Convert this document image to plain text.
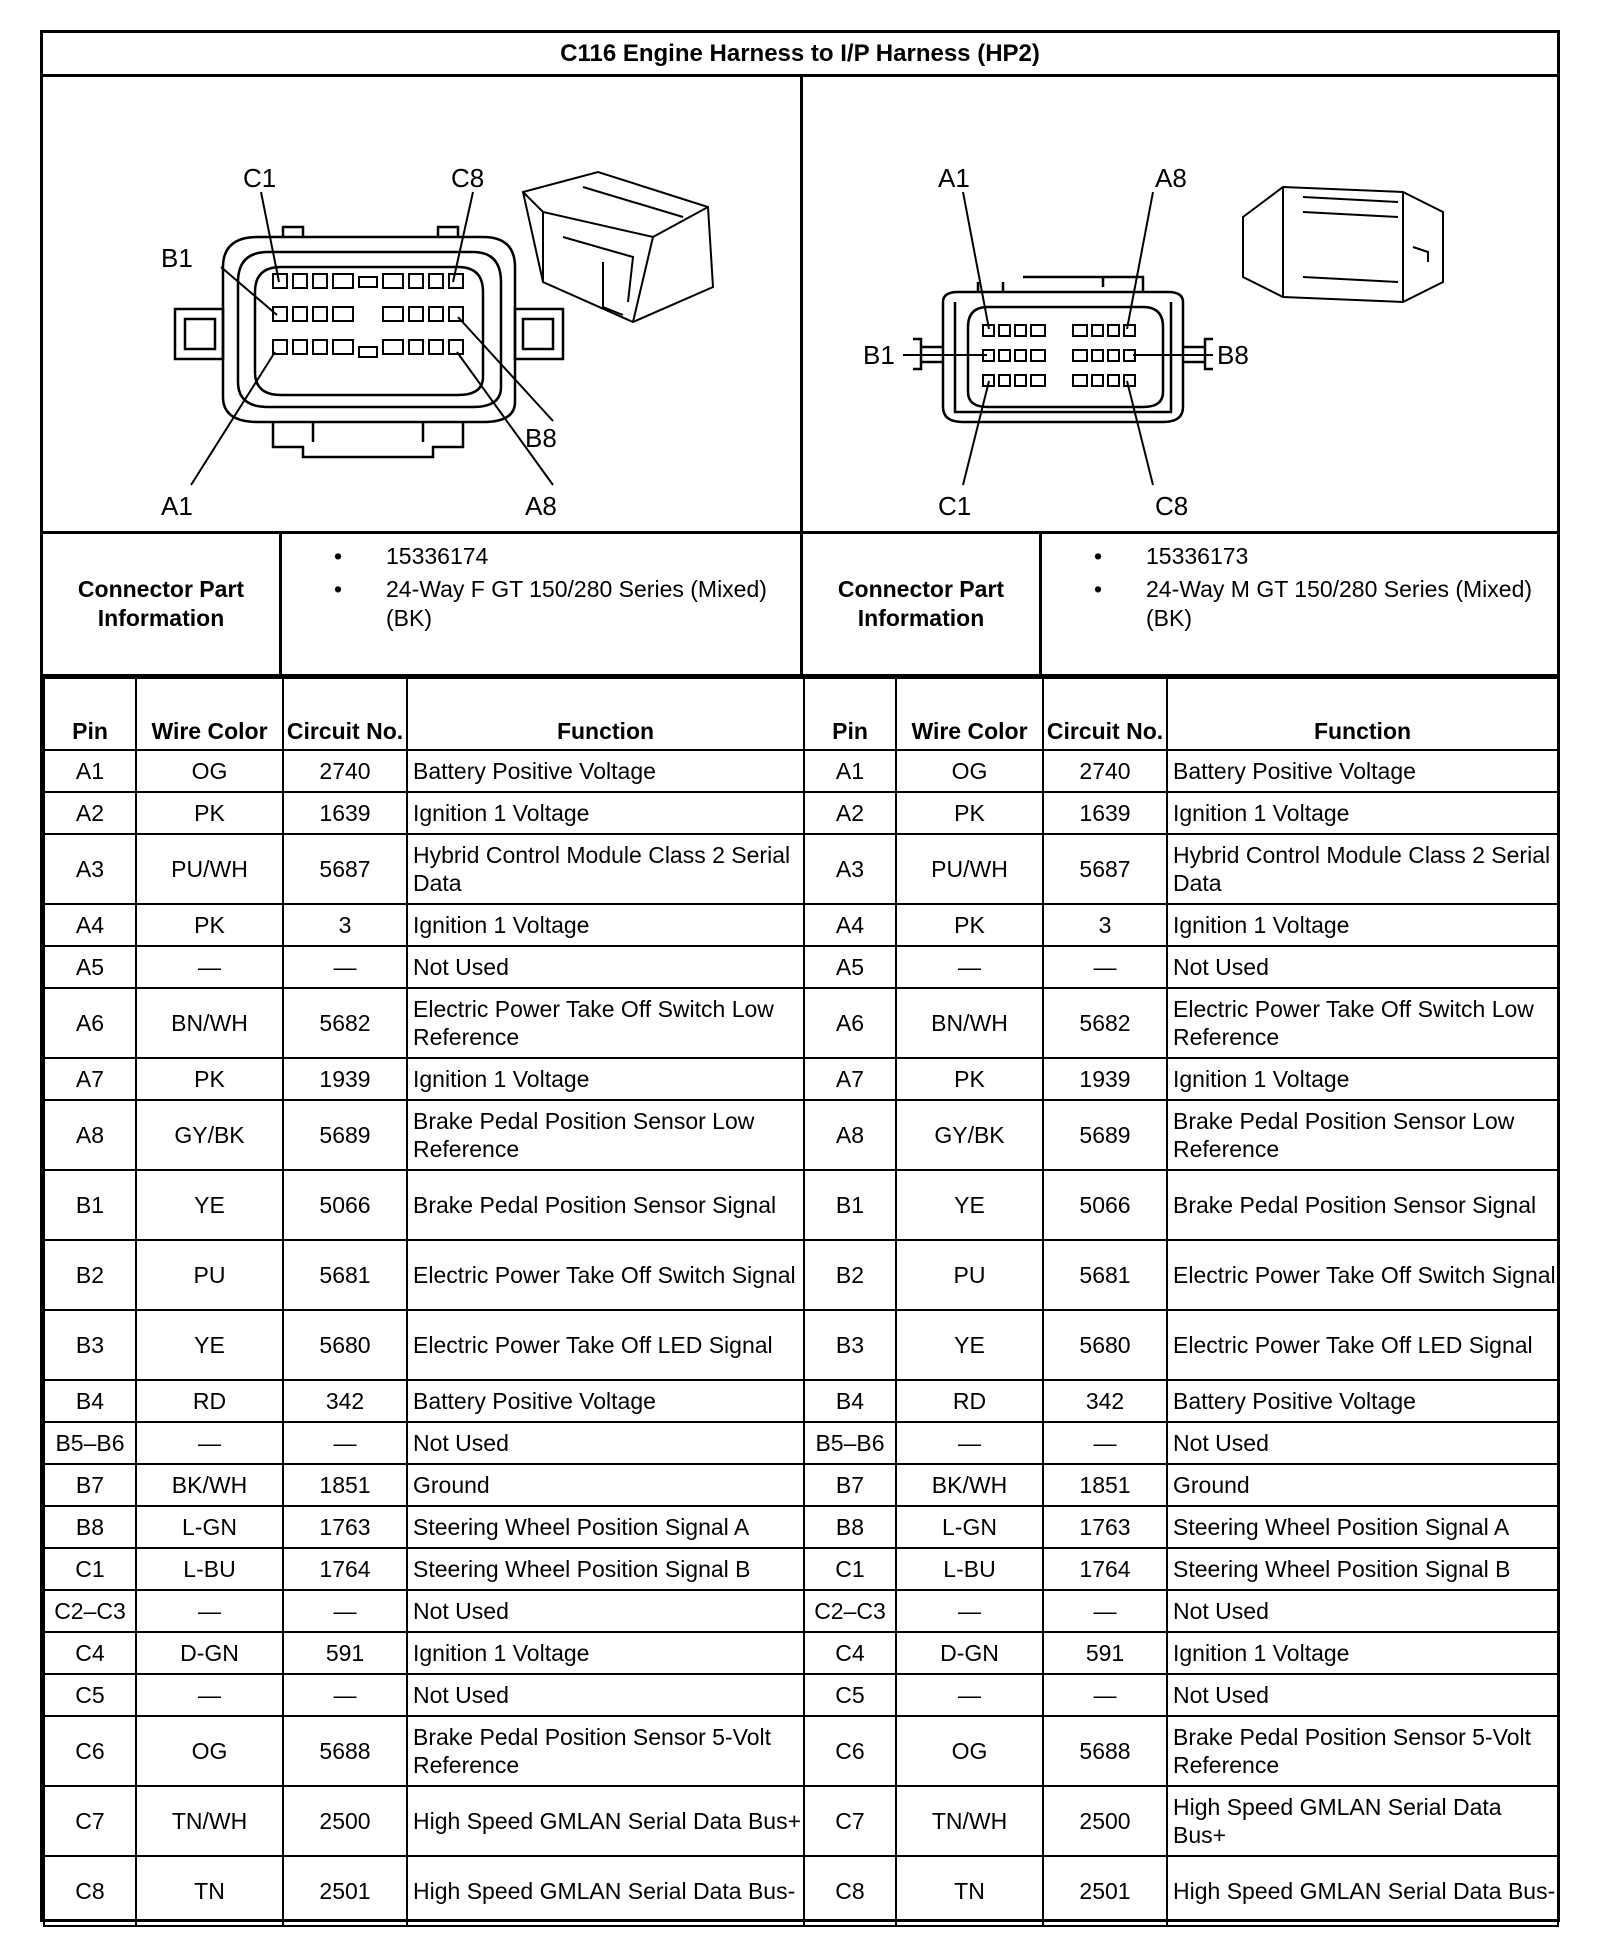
C116 Engine Harness to I/P Harness (HP2)
C1	C8
B1
B8
A1	A8
A1	A8
B1	B8
C1	C8
Connector Part Information
• 15336174
• 24-Way F GT 150/280 Series (Mixed) (BK)
Connector Part Information
• 15336173
• 24-Way M GT 150/280 Series (Mixed) (BK)
Pin	Wire Color	Circuit No.	Function
A1	OG	2740	Battery Positive Voltage
A2	PK	1639	Ignition 1 Voltage
A3	PU/WH	5687	Hybrid Control Module Class 2 Serial Data
A4	PK	3	Ignition 1 Voltage
A5	—	—	Not Used
A6	BN/WH	5682	Electric Power Take Off Switch Low Reference
A7	PK	1939	Ignition 1 Voltage
A8	GY/BK	5689	Brake Pedal Position Sensor Low Reference
B1	YE	5066	Brake Pedal Position Sensor Signal
B2	PU	5681	Electric Power Take Off Switch Signal
B3	YE	5680	Electric Power Take Off LED Signal
B4	RD	342	Battery Positive Voltage
B5–B6	—	—	Not Used
B7	BK/WH	1851	Ground
B8	L-GN	1763	Steering Wheel Position Signal A
C1	L-BU	1764	Steering Wheel Position Signal B
C2–C3	—	—	Not Used
C4	D-GN	591	Ignition 1 Voltage
C5	—	—	Not Used
C6	OG	5688	Brake Pedal Position Sensor 5-Volt Reference
C7	TN/WH	2500	High Speed GMLAN Serial Data Bus+
C8	TN	2501	High Speed GMLAN Serial Data Bus-
Pin	Wire Color	Circuit No.	Function
A1	OG	2740	Battery Positive Voltage
A2	PK	1639	Ignition 1 Voltage
A3	PU/WH	5687	Hybrid Control Module Class 2 Serial Data
A4	PK	3	Ignition 1 Voltage
A5	—	—	Not Used
A6	BN/WH	5682	Electric Power Take Off Switch Low Reference
A7	PK	1939	Ignition 1 Voltage
A8	GY/BK	5689	Brake Pedal Position Sensor Low Reference
B1	YE	5066	Brake Pedal Position Sensor Signal
B2	PU	5681	Electric Power Take Off Switch Signal
B3	YE	5680	Electric Power Take Off LED Signal
B4	RD	342	Battery Positive Voltage
B5–B6	—	—	Not Used
B7	BK/WH	1851	Ground
B8	L-GN	1763	Steering Wheel Position Signal A
C1	L-BU	1764	Steering Wheel Position Signal B
C2–C3	—	—	Not Used
C4	D-GN	591	Ignition 1 Voltage
C5	—	—	Not Used
C6	OG	5688	Brake Pedal Position Sensor 5-Volt Reference
C7	TN/WH	2500	High Speed GMLAN Serial Data Bus+
C8	TN	2501	High Speed GMLAN Serial Data Bus-
